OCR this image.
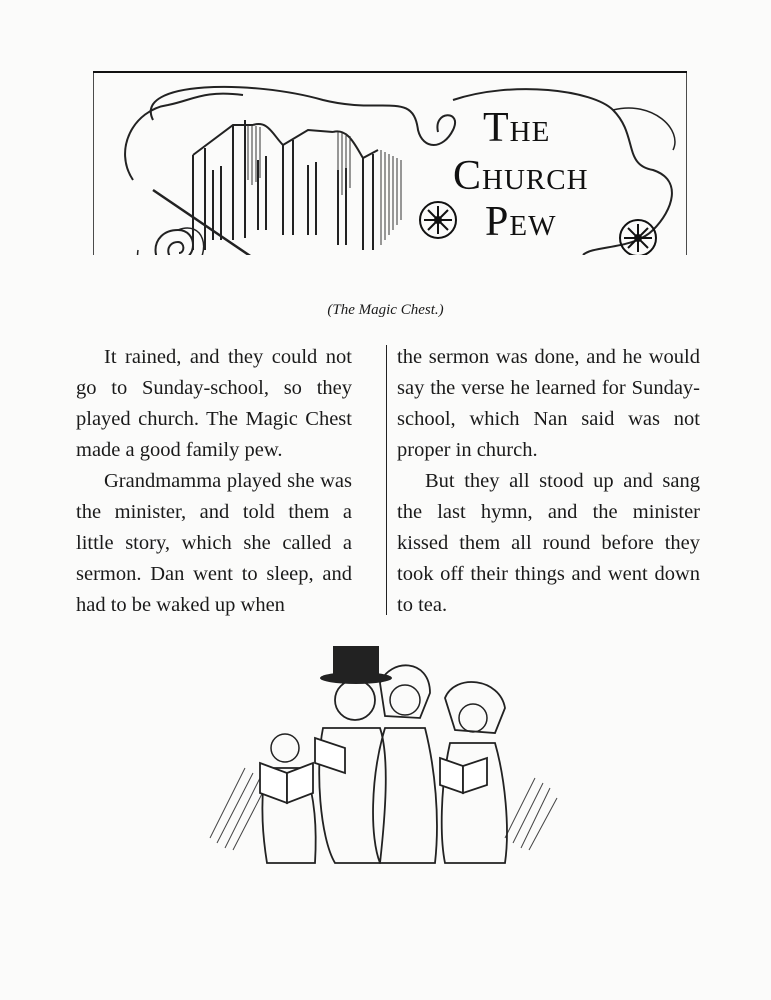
The
Church
Pew
(The Magic Chest.)

It rained, and they could not go to Sunday-school, so they played church. The Magic Chest made a good family pew.

Grandmamma played she was the minister, and told them a little story, which she called a sermon. Dan went to sleep, and had to be waked up when

the sermon was done, and he would say the verse he learned for Sunday-school, which Nan said was not proper in church.

But they all stood up and sang the last hymn, and the minister kissed them all round before they took off their things and went down to tea.
